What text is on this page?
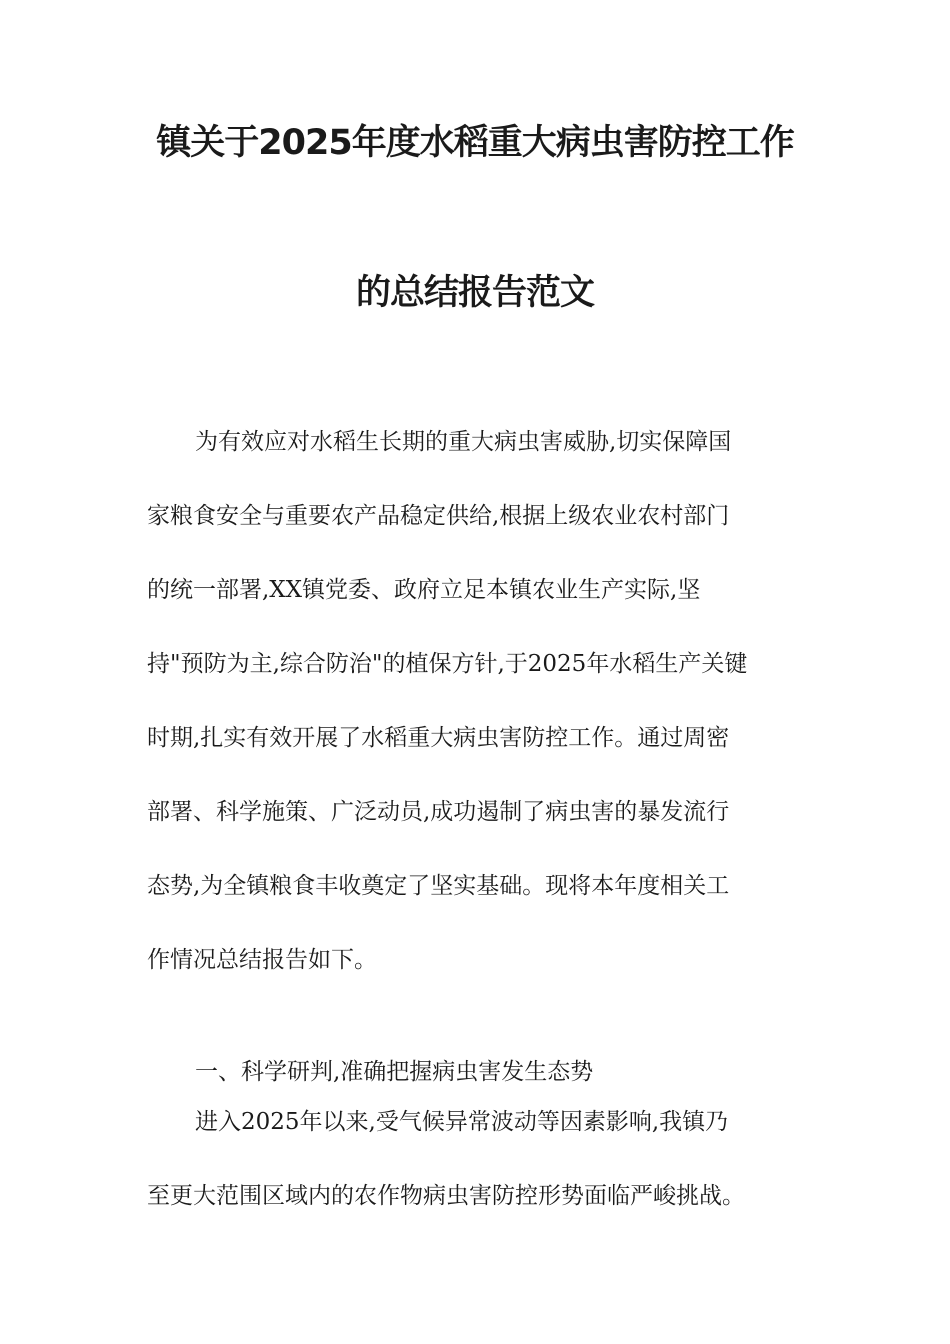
镇关于2025年度水稻重大病虫害防控工作
的总结报告范文
为有效应对水稻生长期的重大病虫害威胁,切实保障国
家粮食安全与重要农产品稳定供给,根据上级农业农村部门
的统一部署,XX镇党委、政府立足本镇农业生产实际,坚
持"预防为主,综合防治"的植保方针,于2025年水稻生产关键
时期,扎实有效开展了水稻重大病虫害防控工作。通过周密
部署、科学施策、广泛动员,成功遏制了病虫害的暴发流行
态势,为全镇粮食丰收奠定了坚实基础。现将本年度相关工
作情况总结报告如下。
一、科学研判,准确把握病虫害发生态势
进入2025年以来,受气候异常波动等因素影响,我镇乃
至更大范围区域内的农作物病虫害防控形势面临严峻挑战。
